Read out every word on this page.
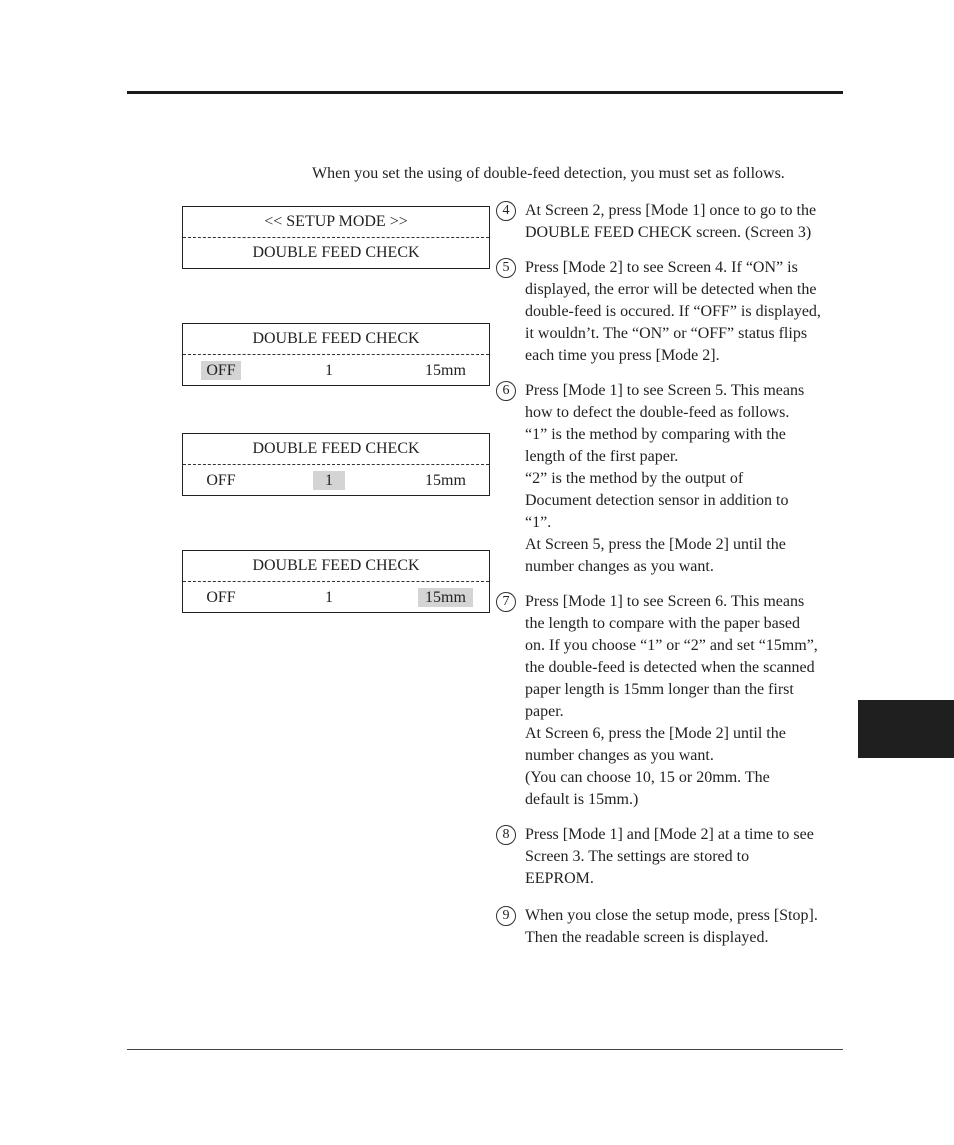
When you set the using of double-feed detection, you must set as follows.
<< SETUP MODE >>
DOUBLE FEED CHECK
DOUBLE FEED CHECK
OFF	1	15mm
DOUBLE FEED CHECK
OFF	1	15mm
DOUBLE FEED CHECK
OFF	1	15mm
4 At Screen 2, press [Mode 1] once to go to the

DOUBLE FEED CHECK screen. (Screen 3)

5 Press [Mode 2] to see Screen 4. If “ON” is

displayed, the error will be detected when the

double-feed is occured. If “OFF” is displayed,

it wouldn’t. The “ON” or “OFF” status flips

each time you press [Mode 2].

6 Press [Mode 1] to see Screen 5. This means

how to defect the double-feed as follows.

“1” is the method by comparing with the

length of the first paper.

“2” is the method by the output of

Document detection sensor in addition to

“1”.

At Screen 5, press the [Mode 2] until the

number changes as you want.

7 Press [Mode 1] to see Screen 6. This means

the length to compare with the paper based

on. If you choose “1” or “2” and set “15mm”,

the double-feed is detected when the scanned

paper length is 15mm longer than the first

paper.

At Screen 6, press the [Mode 2] until the

number changes as you want.

(You can choose 10, 15 or 20mm. The

default is 15mm.)

8 Press [Mode 1] and [Mode 2] at a time to see

Screen 3. The settings are stored to

EEPROM.

9 When you close the setup mode, press [Stop].

Then the readable screen is displayed.
